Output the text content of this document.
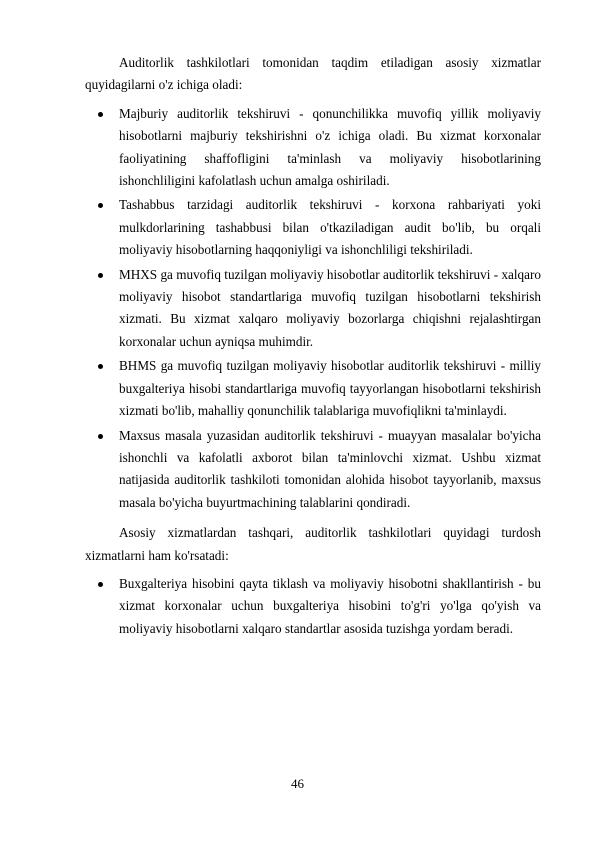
Auditorlik tashkilotlari tomonidan taqdim etiladigan asosiy xizmatlar quyidagilarni o'z ichiga oladi:

Majburiy auditorlik tekshiruvi - qonunchilikka muvofiq yillik moliyaviy hisobotlarni majburiy tekshirishni o'z ichiga oladi. Bu xizmat korxonalar faoliyatining shaffofligini ta'minlash va moliyaviy hisobotlarining ishonchliligini kafolatlash uchun amalga oshiriladi.
Tashabbus tarzidagi auditorlik tekshiruvi - korxona rahbariyati yoki mulkdorlarining tashabbusi bilan o'tkaziladigan audit bo'lib, bu orqali moliyaviy hisobotlarning haqqoniyligi va ishonchliligi tekshiriladi.
MHXS ga muvofiq tuzilgan moliyaviy hisobotlar auditorlik tekshiruvi - xalqaro moliyaviy hisobot standartlariga muvofiq tuzilgan hisobotlarni tekshirish xizmati. Bu xizmat xalqaro moliyaviy bozorlarga chiqishni rejalashtirgan korxonalar uchun ayniqsa muhimdir.
BHMS ga muvofiq tuzilgan moliyaviy hisobotlar auditorlik tekshiruvi - milliy buxgalteriya hisobi standartlariga muvofiq tayyorlangan hisobotlarni tekshirish xizmati bo'lib, mahalliy qonunchilik talablariga muvofiqlikni ta'minlaydi.
Maxsus masala yuzasidan auditorlik tekshiruvi - muayyan masalalar bo'yicha ishonchli va kafolatli axborot bilan ta'minlovchi xizmat. Ushbu xizmat natijasida auditorlik tashkiloti tomonidan alohida hisobot tayyorlanib, maxsus masala bo'yicha buyurtmachining talablarini qondiradi.

Asosiy xizmatlardan tashqari, auditorlik tashkilotlari quyidagi turdosh xizmatlarni ham ko'rsatadi:

Buxgalteriya hisobini qayta tiklash va moliyaviy hisobotni shakllantirish - bu xizmat korxonalar uchun buxgalteriya hisobini to'g'ri yo'lga qo'yish va moliyaviy hisobotlarni xalqaro standartlar asosida tuzishga yordam beradi.
46
